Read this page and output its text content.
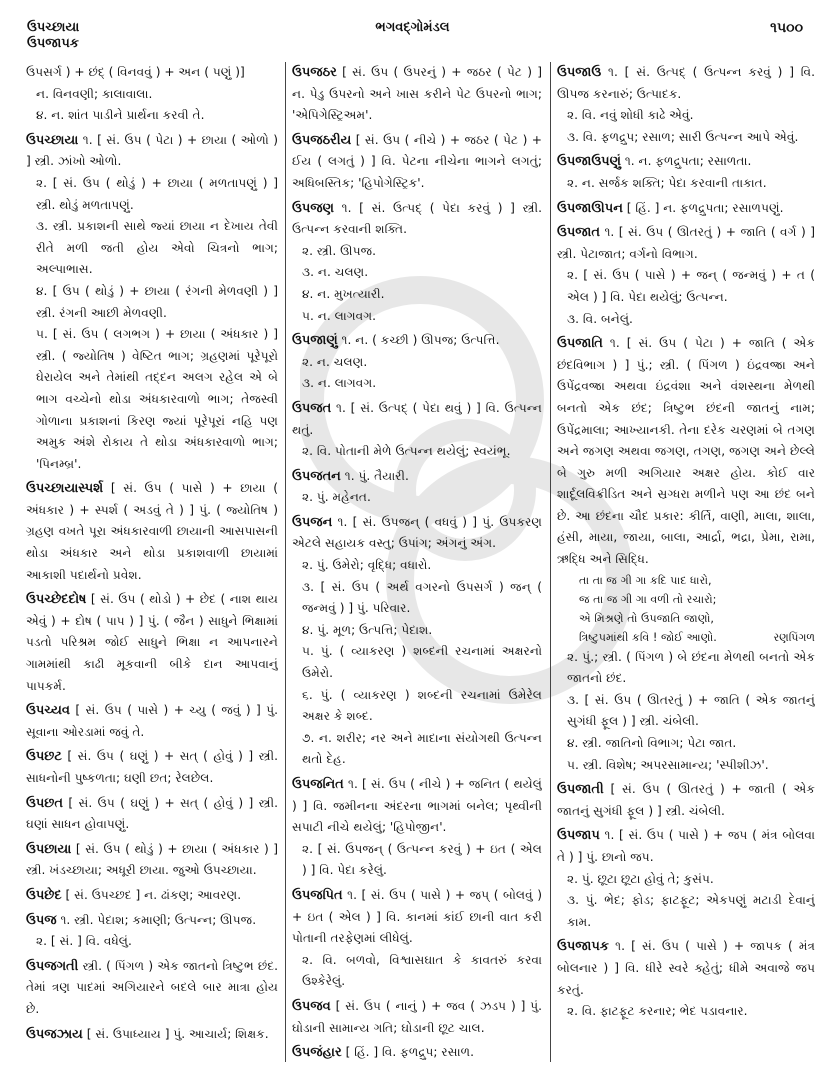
ઉપચ્છાયા
ઉપજાપક
ભગવદ્ગોમંડલ	૧૫૦૦
ઉપસર્ગ ) + છંદ્ ( વિનવવું ) + અન ( પણું )]
ન. વિનવણી; કાલાવાલા.
૪. ન. શાંત પાડીને પ્રાર્થના કરવી તે.
ઉપચ્છાયા ૧. [ સં. ઉપ ( પેટા ) + છાયા ( ઓળો ) ] સ્ત્રી. ઝાંખો ઓળો.
૨. [ સં. ઉપ ( થોડું ) + છાયા ( મળતાપણું ) ] સ્ત્રી. થોડું મળતાપણું.
૩. સ્ત્રી. પ્રકાશની સાથે જ્યાં છાયા ન દેખાય તેવી રીતે મળી જતી હોય એવો ચિત્રનો ભાગ; અલ્પાભાસ.
૪. [ ઉપ ( થોડું ) + છાયા ( રંગની મેળવણી ) ] સ્ત્રી. રંગની આછી મેળવણી.
૫. [ સં. ઉપ ( લગભગ ) + છાયા ( અંધકાર ) ] સ્ત્રી. ( જ્યોતિષ ) વેષ્ટિત ભાગ; ગ્રહણમાં પૂરેપૂરો ઘેરાયેલ અને તેમાંથી તદ્દન અલગ રહેલ એ બે ભાગ વચ્ચેનો થોડા અંધકારવાળો ભાગ; તેજસ્વી ગોળાના પ્રકાશનાં કિરણ જ્યાં પૂરેપૂરાં નહિ પણ અમુક અંશે રોકાય તે થોડા અંધકારવાળો ભાગ; 'પિનમ્બ્ર'.
ઉપચ્છાયાસ્પર્શ [ સં. ઉપ ( પાસે ) + છાયા ( અંધકાર ) + સ્પર્શ ( અડવું તે ) ] પું. ( જ્યોતિષ ) ગ્રહણ વખતે પૂરા અંધકારવાળી છાયાની આસપાસની થોડા અંધકાર અને થોડા પ્રકાશવાળી છાયામાં આકાશી પદાર્થનો પ્રવેશ.
ઉપચ્છેદદોષ [ સં. ઉપ ( થોડો ) + છેદ ( નાશ થાય એવું ) + દોષ ( પાપ ) ] પું. ( જૈન ) સાધુને ભિક્ષામાં પડતો પરિશ્રમ જોઈ સાધુને ભિક્ષા ન આપનારને ગામમાંથી કાઢી મૂકવાની બીકે દાન આપવાનું પાપકર્મ.
ઉપચ્યવ [ સં. ઉપ ( પાસે ) + ચ્યુ ( જવું ) ] પું. સૂવાના ઓરડામાં જવું તે.
ઉપછટ [ સં. ઉપ ( ઘણું ) + સત્ ( હોવું ) ] સ્ત્રી. સાધનોની પુષ્કળતા; ઘણી છત; રેલછેલ.
ઉપછત [ સં. ઉપ ( ઘણું ) + સત્ ( હોવું ) ] સ્ત્રી. ઘણાં સાધન હોવાપણું.
ઉપછાયા [ સં. ઉપ ( થોડું ) + છાયા ( અંધકાર ) ] સ્ત્રી. ખંડચ્છાયા; અધૂરી છાયા. જુઓ ઉપચ્છાયા.
ઉપછેદ [ સં. ઉપચ્છદ ] ન. ઢાંકણ; આવરણ.
ઉપજ ૧. સ્ત્રી. પેદાશ; કમાણી; ઉત્પન્ન; ઊપજ.
૨. [ સં. ] વિ. વધેલું.
ઉપજગતી સ્ત્રી. ( પિંગળ ) એક જાતનો ત્રિષ્ટુભ છંદ. તેમાં ત્રણ પાદમાં અગિયારને બદલે બાર માત્રા હોય છે.
ઉપજઝાય [ સં. ઉપાધ્યાય ] પું. આચાર્ય; શિક્ષક.
ઉપજઠર [ સં. ઉપ ( ઉપરનું ) + જઠર ( પેટ ) ] ન. પેડુ ઉપરનો અને ખાસ કરીને પેટ ઉપરનો ભાગ; 'એપિગેસ્ટ્રિઅમ'.
ઉપજઠરીય [ સં. ઉપ ( નીચે ) + જઠર ( પેટ ) + ઈય ( લગતું ) ] વિ. પેટના નીચેના ભાગને લગતું; અધિબસ્તિક; 'હિપોગેસ્ટ્રિક'.
ઉપજણ ૧. [ સં. ઉત્પદ્ ( પેદા કરવું ) ] સ્ત્રી. ઉત્પન્ન કરવાની શક્તિ.
૨. સ્ત્રી. ઊપજ.
૩. ન. ચલણ.
૪. ન. મુખત્યારી.
૫. ન. લાગવગ.
ઉપજાણું ૧. ન. ( કચ્છી ) ઊપજ; ઉત્પત્તિ.
૨. ન. ચલણ.
૩. ન. લાગવગ.
ઉપજત ૧. [ સં. ઉત્પદ્ ( પેદા થવું ) ] વિ. ઉત્પન્ન થતું.
૨. વિ. પોતાની મેળે ઉત્પન્ન થયેલું; સ્વયંભૂ.
ઉપજતન ૧. પું. તૈયારી.
૨. પું. મહેનત.
ઉપજન ૧. [ સં. ઉપજન્ ( વધવું ) ] પું. ઉપકરણ એટલે સહાયક વસ્તુ; ઉપાંગ; અંગનું અંગ.
૨. પું. ઉમેરો; વૃદ્ધિ; વધારો.
૩. [ સં. ઉપ ( અર્થ વગરનો ઉપસર્ગ ) જન્ ( જન્મવું ) ] પું. પરિવાર.
૪. પું. મૂળ; ઉત્પત્તિ; પેદાશ.
૫. પું. ( વ્યાકરણ ) શબ્દની રચનામાં અક્ષરનો ઉમેરો.
૬. પું. ( વ્યાકરણ ) શબ્દની રચનામાં ઉમેરેલ અક્ષર કે શબ્દ.
૭. ન. શરીર; નર અને માદાના સંયોગથી ઉત્પન્ન થતો દેહ.
ઉપજનિત ૧. [ સં. ઉપ ( નીચે ) + જનિત ( થયેલું ) ] વિ. જમીનના અંદરના ભાગમાં બનેલ; પૃથ્વીની સપાટી નીચે થયેલું; 'હિપોજીન'.
૨. [ સં. ઉપજન્ ( ઉત્પન્ન કરવું ) + ઇત ( એલ ) ] વિ. પેદા કરેલું.
ઉપજપિત ૧. [ સં. ઉપ ( પાસે ) + જપ્ ( બોલવું ) + ઇત ( એલ ) ] વિ. કાનમાં કાંઈ છાની વાત કરી પોતાની તરફેણમાં લીધેલું.
૨. વિ. બળવો, વિશ્વાસઘાત કે કાવતરું કરવા ઉશ્કેરેલું.
ઉપજવ [ સં. ઉપ ( નાનું ) + જવ ( ઝડપ ) ] પું. ઘોડાની સામાન્ય ગતિ; ઘોડાની છૂટ ચાલ.
ઉપજંહાર [ હિં. ] વિ. ફળદ્રુપ; રસાળ.
ઉપજાઉ ૧. [ સં. ઉત્પદ્ ( ઉત્પન્ન કરવું ) ] વિ. ઊપજ કરનારું; ઉત્પાદક.
૨. વિ. નવું શોધી કાઢે એવું.
૩. વિ. ફળદ્રુપ; રસાળ; સારી ઉત્પન્ન આપે એવું.
ઉપજાઉપણું ૧. ન. ફળદ્રુપતા; રસાળતા.
૨. ન. સર્જક શક્તિ; પેદા કરવાની તાકાત.
ઉપજાઊપન [ હિં. ] ન. ફળદ્રુપતા; રસાળપણું.
ઉપજાત ૧. [ સં. ઉપ ( ઊતરતું ) + જાતિ ( વર્ગ ) ] સ્ત્રી. પેટાજાત; વર્ગનો વિભાગ.
૨. [ સં. ઉપ ( પાસે ) + જન્ ( જન્મવું ) + ત ( એલ ) ] વિ. પેદા થયેલું; ઉત્પન્ન.
૩. વિ. બનેલું.
ઉપજાતિ ૧. [ સં. ઉપ ( પેટા ) + જાતિ ( એક છંદવિભાગ ) ] પું.; સ્ત્રી. ( પિંગળ ) ઇંદ્રવજ્રા અને ઉપેંદ્રવજ્રા અથવા ઇંદ્રવંશા અને વંશસ્થના મેળથી બનતો એક છંદ; ત્રિષ્ટુભ છંદની જાતનું નામ; ઉપેંદ્રમાલા; આખ્યાનકી. તેના દરેક ચરણમાં બે તગણ અને જગણ અથવા જગણ, તગણ, જગણ અને છેલ્લે બે ગુરુ મળી અગિયાર અક્ષર હોય. કોઈ વાર શાર્દૂલવિક્રીડિત અને સ્રગ્ધરા મળીને પણ આ છંદ બને છે. આ છંદના ચૌદ પ્રકાર: કીર્તિ, વાણી, માલા, શાલા, હંસી, માયા, જાયા, બાલા, આર્દ્રા, ભદ્રા, પ્રેમા, રામા, ઋદ્ધિ અને સિદ્ધિ.
તા તા જ ગી ગા કદિ પાદ ધારો,
જ તા જ ગી ગા વળી તો રચારો;
એ મિશ્રણે તો ઉપજાતિ જાણો,
ત્રિષ્ટુપમાંથી કવિ ! જોઈ આણો.	રણપિંગળ
૨. પું.; સ્ત્રી. ( પિંગળ ) બે છંદના મેળથી બનતો એક જાતનો છંદ.
૩. [ સં. ઉપ ( ઊતરતું ) + જાતિ ( એક જાતનું સુગંધી ફૂલ ) ] સ્ત્રી. ચંબેલી.
૪. સ્ત્રી. જાતિનો વિભાગ; પેટા જાત.
૫. સ્ત્રી. વિશેષ; અપરસામાન્ય; 'સ્પીશીઝ'.
ઉપજાતી [ સં. ઉપ ( ઊતરતું ) + જાતી ( એક જાતનું સુગંધી ફૂલ ) ] સ્ત્રી. ચંબેલી.
ઉપજાપ ૧. [ સં. ઉપ ( પાસે ) + જપ ( મંત્ર બોલવા તે ) ] પું. છાનો જપ.
૨. પું. છૂટા છૂટા હોવું તે; કુસંપ.
૩. પું. ભેદ; ફોડ; ફાટફૂટ; એકપણું મટાડી દેવાનું કામ.
ઉપજાપક ૧. [ સં. ઉપ ( પાસે ) + જાપક ( મંત્ર બોલનાર ) ] વિ. ધીરે સ્વરે ક્હેતું; ધીમે અવાજે જપ કરતું.
૨. વિ. ફાટફૂટ કરનાર; ભેદ પડાવનાર.
